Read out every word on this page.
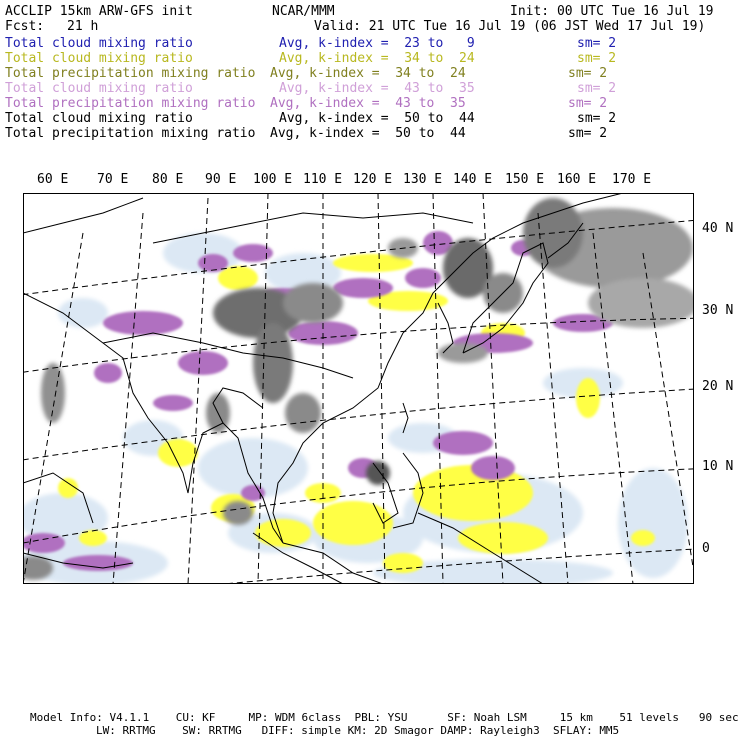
ACCLIP 15km ARW-GFS init	NCAR/MMM	Init: 00 UTC Tue 16 Jul 19
Fcst: 21 h	Valid: 21 UTC Tue 16 Jul 19 (06 JST Wed 17 Jul 19)
Total cloud mixing ratio	Avg, k-index =  23 to   9	sm= 2
Total cloud mixing ratio	Avg, k-index =  34 to  24	sm= 2
Total precipitation mixing ratio Avg, k-index =  34 to  24	sm= 2
Total cloud mixing ratio	Avg, k-index =  43 to  35	sm= 2
Total precipitation mixing ratio Avg, k-index =  43 to  35	sm= 2
Total cloud mixing ratio	Avg, k-index =  50 to  44	sm= 2
Total precipitation mixing ratio Avg, k-index =  50 to  44	sm= 2
60 E 70 E 80 E 90 E 100 E 110 E 120 E 130 E 140 E 150 E 160 E 170 E
40 N
30 N
20 N
10 N
0
Model Info: V4.1.1    CU: KF     MP: WDM 6class  PBL: YSU      SF: Noah LSM     15 km    51 levels   90 sec
LW: RRTMG    SW: RRTMG   DIFF: simple KM: 2D Smagor DAMP: Rayleigh3  SFLAY: MM5
